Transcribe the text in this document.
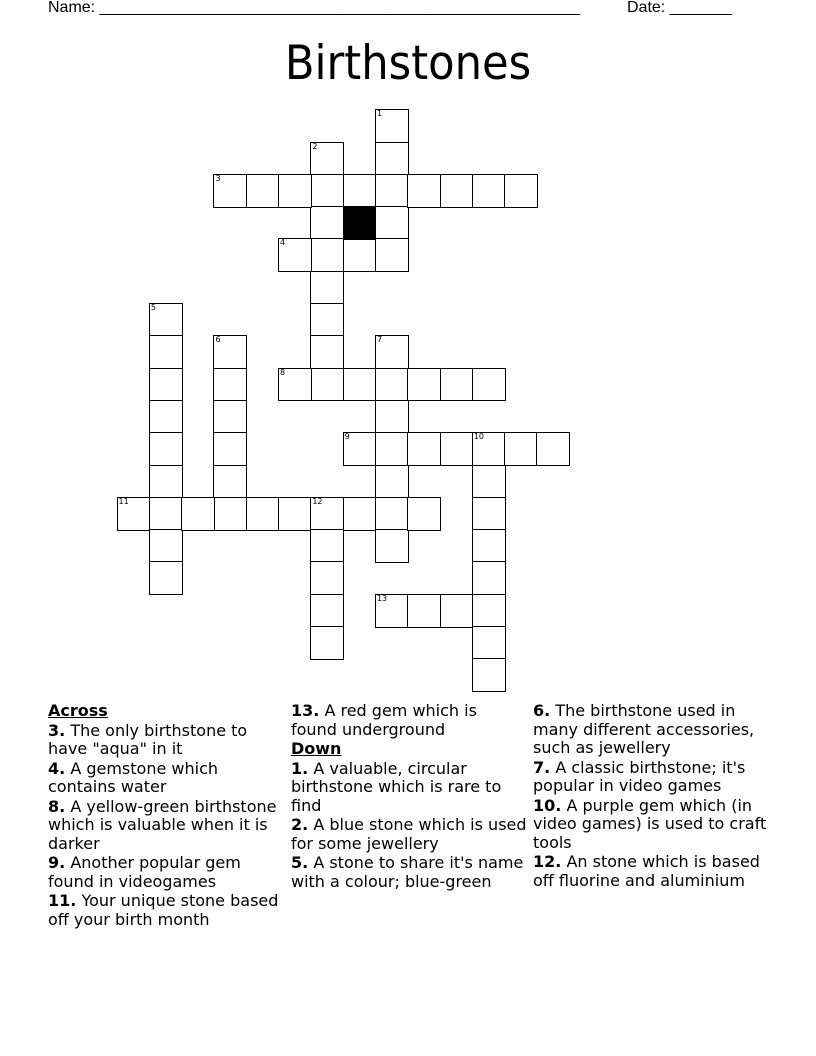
Name: ______________________________________________________	Date: _______
Birthstones
1
2
3
4
5
6	7
8
9	10
11	12
13
Across
3. The only birthstone to have "aqua" in it
4. A gemstone which contains water
8. A yellow-green birthstone which is valuable when it is darker
9. Another popular gem found in videogames
11. Your unique stone based off your birth month
13. A red gem which is found underground
Down
1. A valuable, circular birthstone which is rare to find
2. A blue stone which is used for some jewellery
5. A stone to share it's name with a colour; blue-green
6. The birthstone used in many different accessories, such as jewellery
7. A classic birthstone; it's popular in video games
10. A purple gem which (in video games) is used to craft tools
12. An stone which is based off fluorine and aluminium
